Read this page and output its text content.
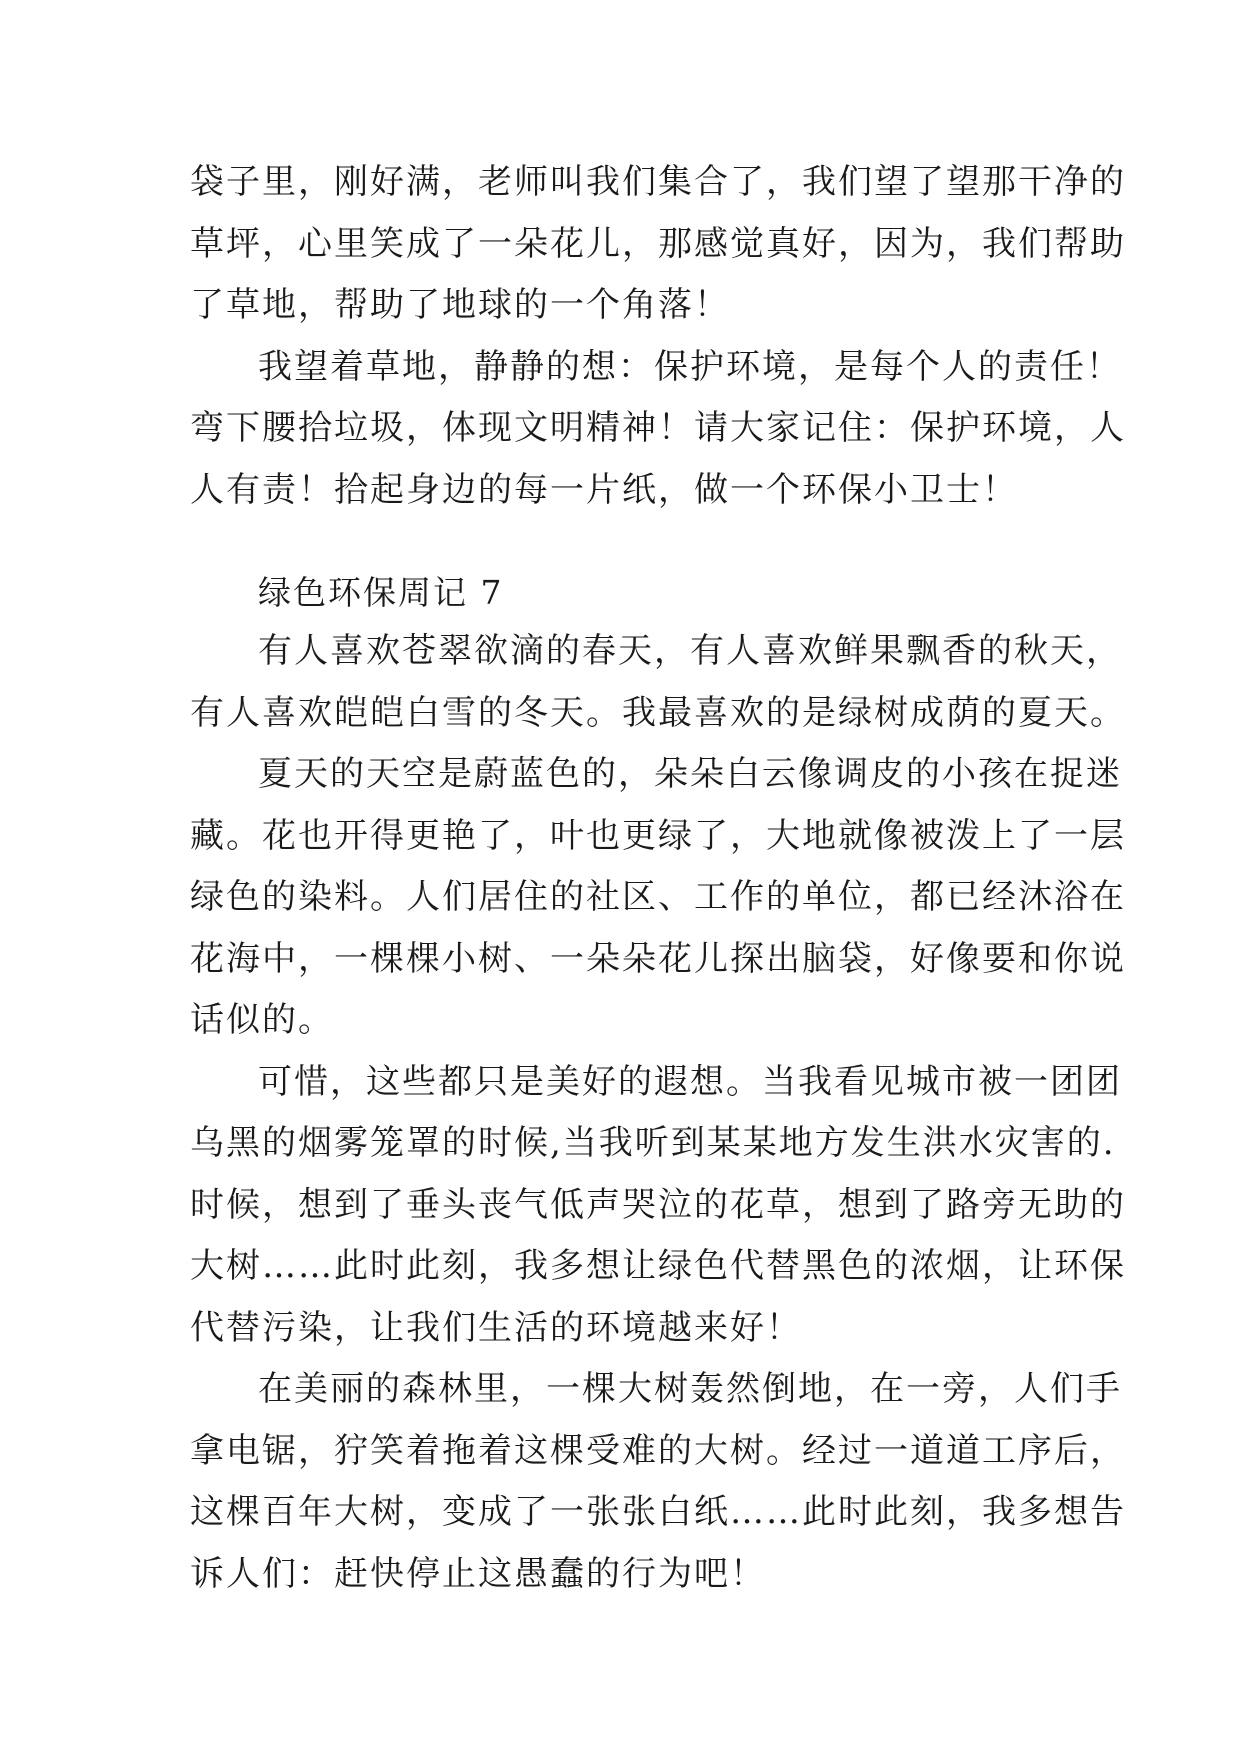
袋子里，刚好满，老师叫我们集合了，我们望了望那干净的
草坪，心里笑成了一朵花儿，那感觉真好，因为，我们帮助
了草地，帮助了地球的一个角落！

我望着草地，静静的想：保护环境，是每个人的责任！
弯下腰拾垃圾，体现文明精神！请大家记住：保护环境，人
人有责！拾起身边的每一片纸，做一个环保小卫士！

绿色环保周记 7

有人喜欢苍翠欲滴的春天，有人喜欢鲜果飘香的秋天，
有人喜欢皑皑白雪的冬天。我最喜欢的是绿树成荫的夏天。

夏天的天空是蔚蓝色的，朵朵白云像调皮的小孩在捉迷
藏。花也开得更艳了，叶也更绿了，大地就像被泼上了一层
绿色的染料。人们居住的社区、工作的单位，都已经沐浴在
花海中，一棵棵小树、一朵朵花儿探出脑袋，好像要和你说
话似的。

可惜，这些都只是美好的遐想。当我看见城市被一团团
乌黑的烟雾笼罩的时候,当我听到某某地方发生洪水灾害的.
时候，想到了垂头丧气低声哭泣的花草，想到了路旁无助的
大树……此时此刻，我多想让绿色代替黑色的浓烟，让环保
代替污染，让我们生活的环境越来好！

在美丽的森林里，一棵大树轰然倒地，在一旁，人们手
拿电锯，狞笑着拖着这棵受难的大树。经过一道道工序后，
这棵百年大树，变成了一张张白纸……此时此刻，我多想告
诉人们：赶快停止这愚蠢的行为吧！
